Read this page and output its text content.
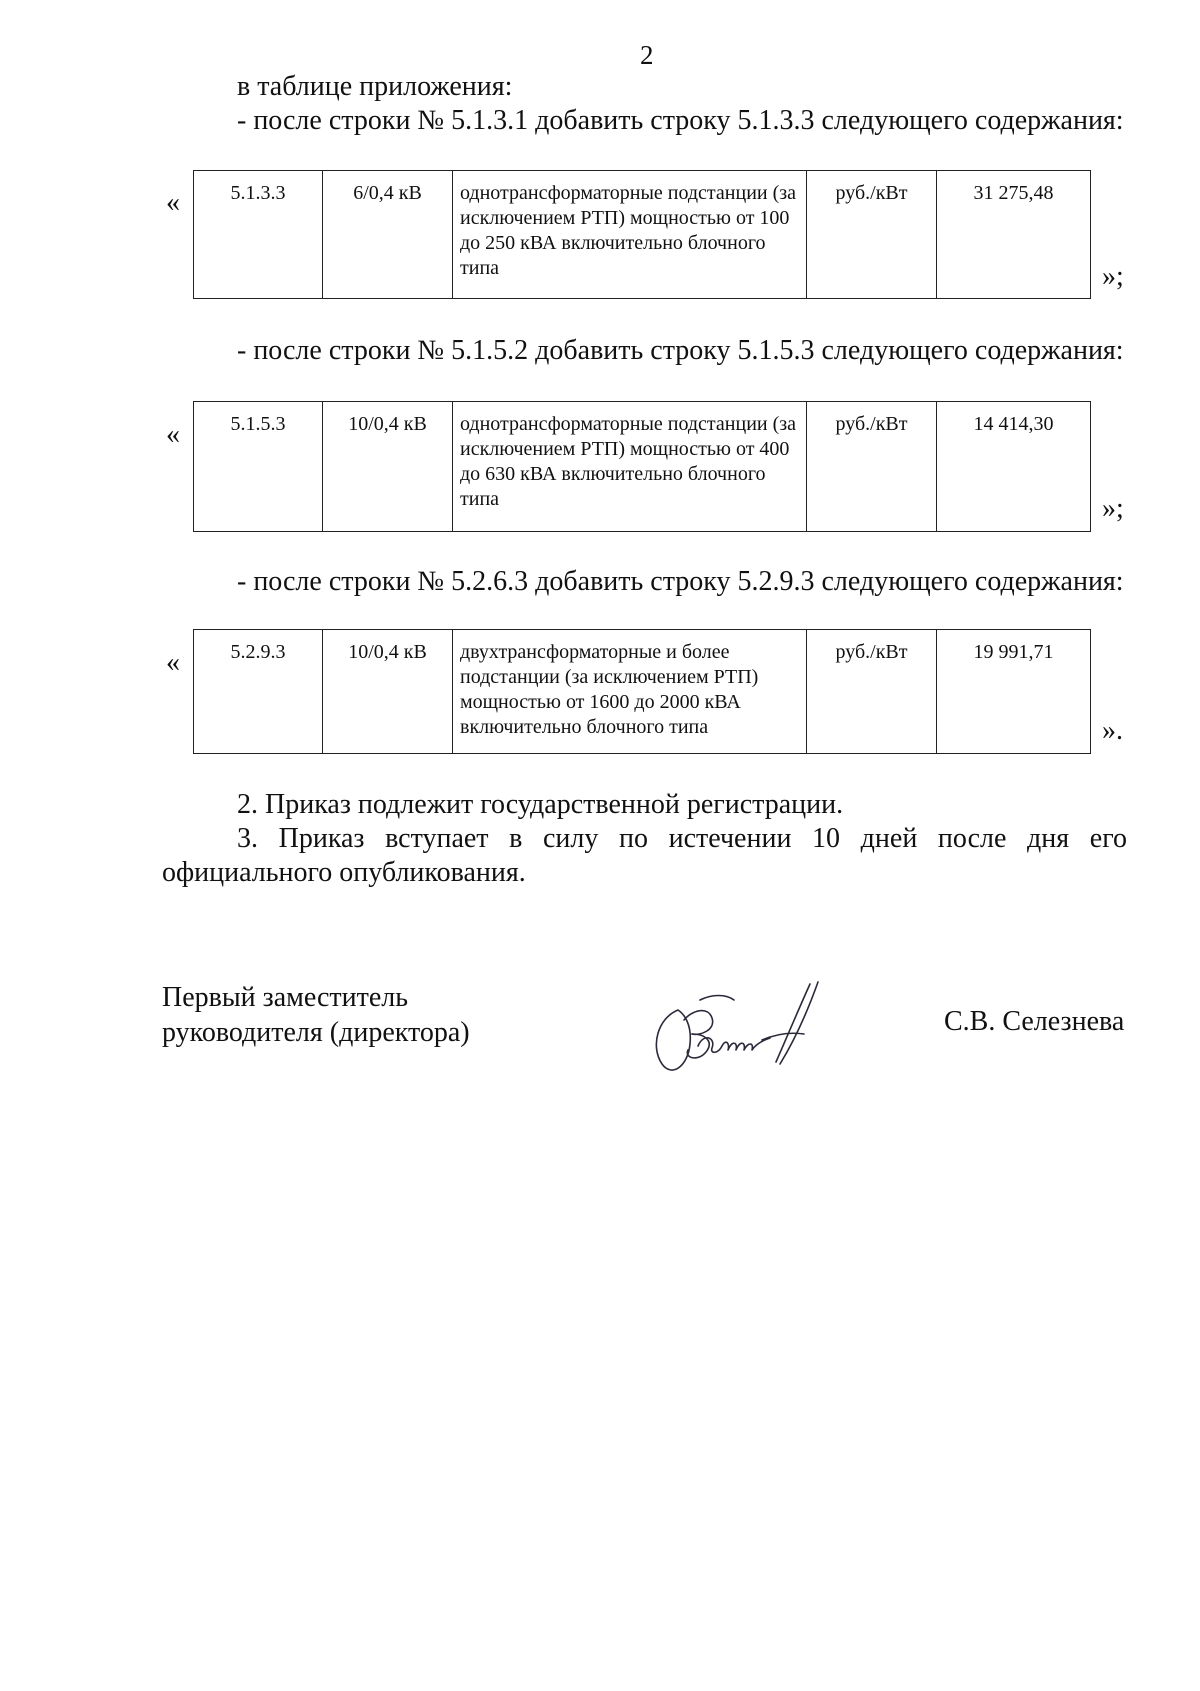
2
в таблице приложения:
- после строки № 5.1.3.1 добавить строку 5.1.3.3 следующего содержания:
«	5.1.3.3	6/0,4 кВ	однотрансформаторные подстанции (за исключением РТП) мощностью от 100 до 250 кВА включительно блочного типа	руб./кВт	31 275,48	
»;
- после строки № 5.1.5.2 добавить строку 5.1.5.3 следующего содержания:
«	5.1.5.3	10/0,4 кВ	однотрансформаторные подстанции (за исключением РТП) мощностью от 400 до 630 кВА включительно блочного типа	руб./кВт	14 414,30	
»;
- после строки № 5.2.6.3 добавить строку 5.2.9.3 следующего содержания:
«	5.2.9.3	10/0,4 кВ	двухтрансформаторные и более подстанции (за исключением РТП) мощностью от 1600 до 2000 кВА включительно блочного типа	руб./кВт	19 991,71	
».
2. Приказ подлежит государственной регистрации.
3. Приказ вступает в силу по истечении 10 дней после дня его официального опубликования.
Первый заместитель
руководителя (директора)	С.В. Селезнева
